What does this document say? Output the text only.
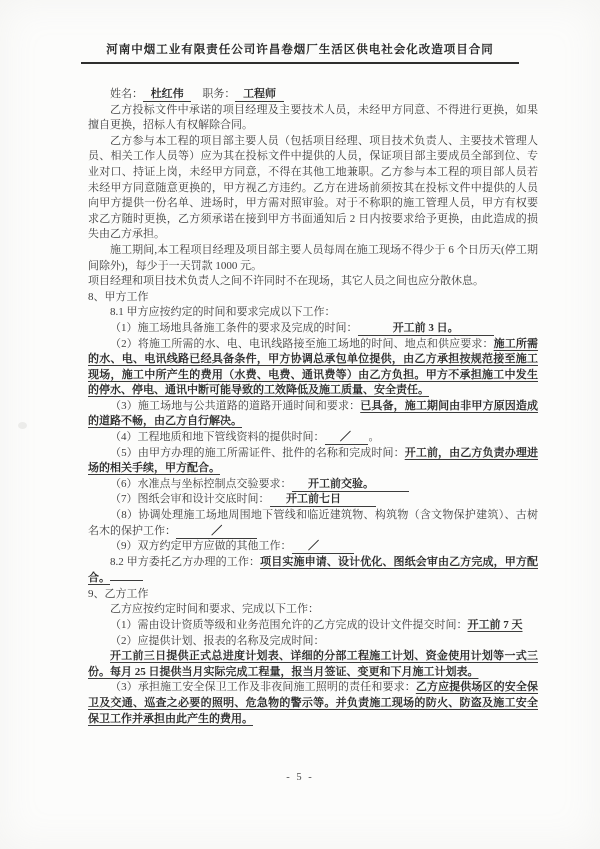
河南中烟工业有限责任公司许昌卷烟厂生活区供电社会化改造项目合同

姓名： 杜红伟 职务： 工程师

乙方投标文件中承诺的项目经理及主要技术人员，未经甲方同意、不得进行更换，如果擅自更换，招标人有权解除合同。

乙方参与本工程的项目部主要人员（包括项目经理、项目技术负责人、主要技术管理人员、相关工作人员等）应为其在投标文件中提供的人员，保证项目部主要成员全部到位、专业对口、持证上岗，未经甲方同意，不得在其他工地兼职。乙方参与本工程的项目部人员若未经甲方同意随意更换的，甲方视乙方违约。乙方在进场前须按其在投标文件中提供的人员向甲方提供一份名单、进场时，甲方需对照审验。对于不称职的施工管理人员，甲方有权要求乙方随时更换，乙方须承诺在接到甲方书面通知后 2 日内按要求给予更换，由此造成的损失由乙方承担。

施工期间,本工程项目经理及项目部主要人员每周在施工现场不得少于 6 个日历天(停工期间除外)，每少于一天罚款 1000 元。

项目经理和项目技术负责人之间不许同时不在现场，其它人员之间也应分散休息。

8、甲方工作

8.1 甲方应按约定的时间和要求完成以下工作：

（1）施工场地具备施工条件的要求及完成的时间：	开工前 3 日。

（2）将施工所需的水、电、电讯线路接至施工场地的时间、地点和供应要求：施工所需的水、电、电讯线路已经具备条件，甲方协调总承包单位提供，由乙方承担按规范接至施工现场，施工中所产生的费用（水费、电费、通讯费等）由乙方负担。甲方不承担施工中发生的停水、停电、通讯中断可能导致的工效降低及施工质量、安全责任。

（3）施工场地与公共道路的道路开通时间和要求：已具备，施工期间由非甲方原因造成的道路不畅，由乙方自行解决。

（4）工程地质和地下管线资料的提供时间： ／ 。

（5）由甲方办理的施工所需证件、批件的名称和完成时间：开工前，由乙方负责办理进场的相关手续，甲方配合。

（6）水准点与坐标控制点交验要求： 开工前交验。

（7）图纸会审和设计交底时间： 开工前七日

（8）协调处理施工场地周围地下管线和临近建筑物、构筑物（含文物保护建筑）、古树名木的保护工作：	／

（9）双方约定甲方应做的其他工作： ／

8.2 甲方委托乙方办理的工作：项目实施申请、设计优化、图纸会审由乙方完成，甲方配合。

9、乙方工作

乙方应按约定时间和要求、完成以下工作：

（1）需由设计资质等级和业务范围允许的乙方完成的设计文件提交时间：开工前 7 天

（2）应提供计划、报表的名称及完成时间：

开工前三日提供正式总进度计划表、详细的分部工程施工计划、资金使用计划等一式三份。每月 25 日提供当月实际完成工程量，报当月签证、变更和下月施工计划表。

（3）承担施工安全保卫工作及非夜间施工照明的责任和要求：乙方应提供场区的安全保卫及交通、巡查之必要的照明、危急物的警示等。并负责施工现场的防火、防盗及施工安全保卫工作并承担由此产生的费用。

- 5 -
